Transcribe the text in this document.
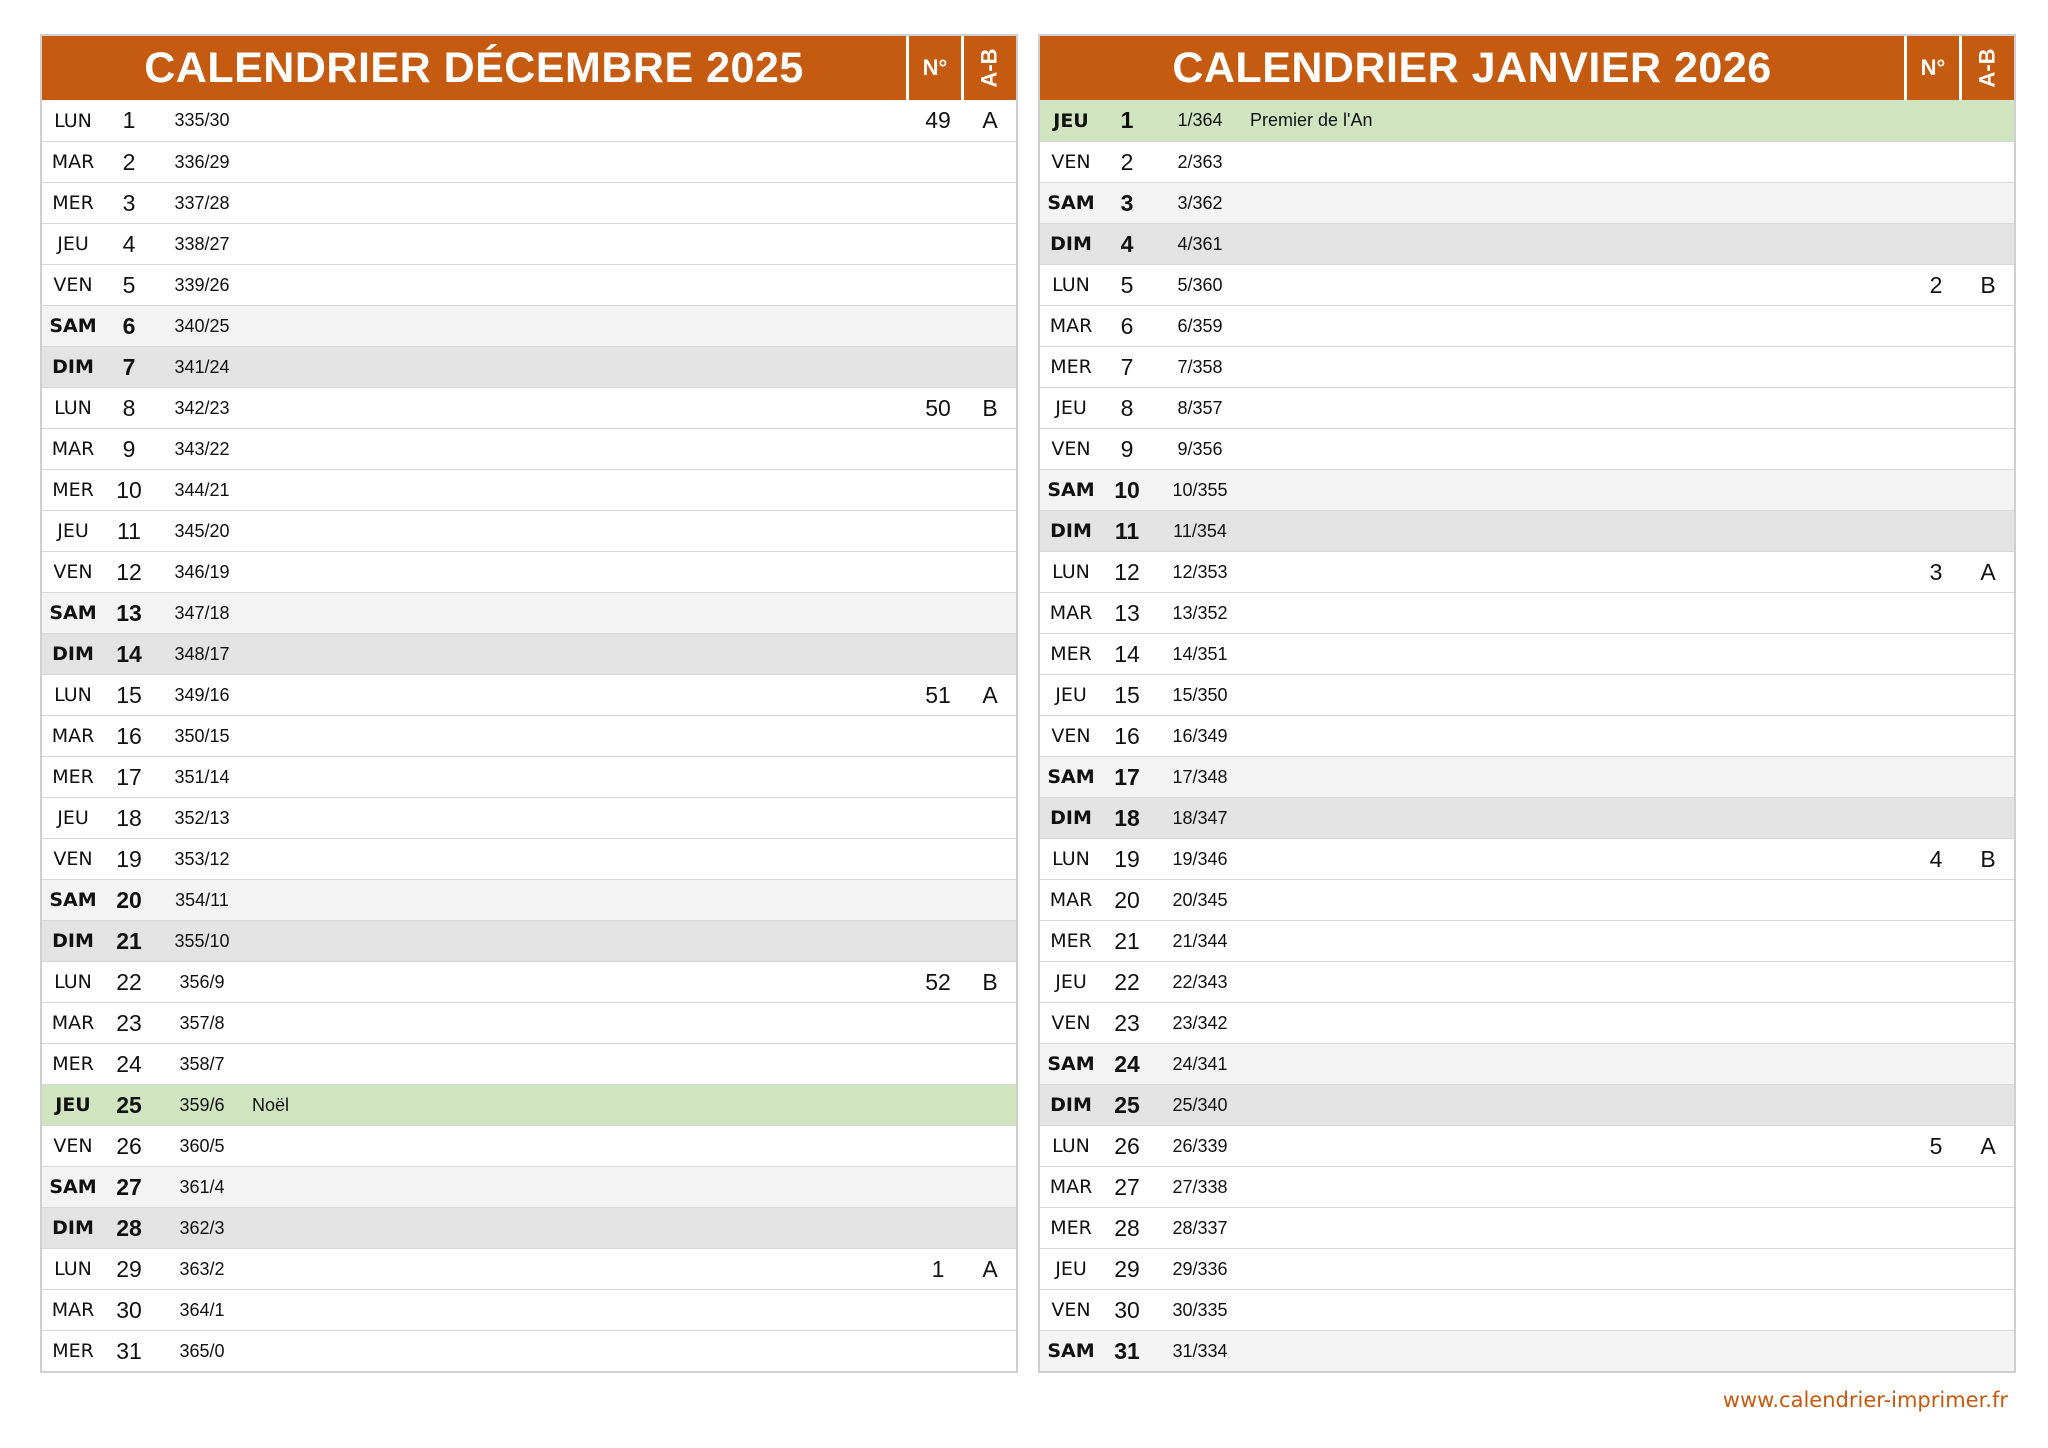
CALENDRIER DÉCEMBRE 2025	N°	A-B
LUN	1	335/30	49	A
MAR	2	336/29
MER	3	337/28
JEU	4	338/27
VEN	5	339/26
SAM	6	340/25
DIM	7	341/24
LUN	8	342/23	50	B
MAR	9	343/22
MER 10	344/21
JEU	11	345/20
VEN	12	346/19
SAM 13	347/18
DIM 14	348/17
LUN	15	349/16	51	A
MAR 16	350/15
MER 17	351/14
JEU	18	352/13
VEN	19	353/12
SAM 20	354/11
DIM 21	355/10
LUN	22	356/9	52	B
MAR 23	357/8
MER 24	358/7
JEU	25	359/6	Noël
VEN	26	360/5
SAM 27	361/4
DIM 28	362/3
LUN	29	363/2	1	A
MAR 30	364/1
MER 31	365/0
CALENDRIER JANVIER 2026	N°	A-B
JEU	1	1/364	Premier de l'An
VEN	2	2/363
SAM	3	3/362
DIM	4	4/361
LUN	5	5/360	2	B
MAR	6	6/359
MER	7	7/358
JEU	8	8/357
VEN	9	9/356
SAM 10	10/355
DIM 11	11/354
LUN	12	12/353	3	A
MAR 13	13/352
MER 14	14/351
JEU	15	15/350
VEN	16	16/349
SAM 17	17/348
DIM 18	18/347
LUN	19	19/346	4	B
MAR 20	20/345
MER 21	21/344
JEU	22	22/343
VEN	23	23/342
SAM 24	24/341
DIM 25	25/340
LUN	26	26/339	5	A
MAR 27	27/338
MER 28	28/337
JEU	29	29/336
VEN	30	30/335
SAM 31	31/334
www.calendrier-imprimer.fr
